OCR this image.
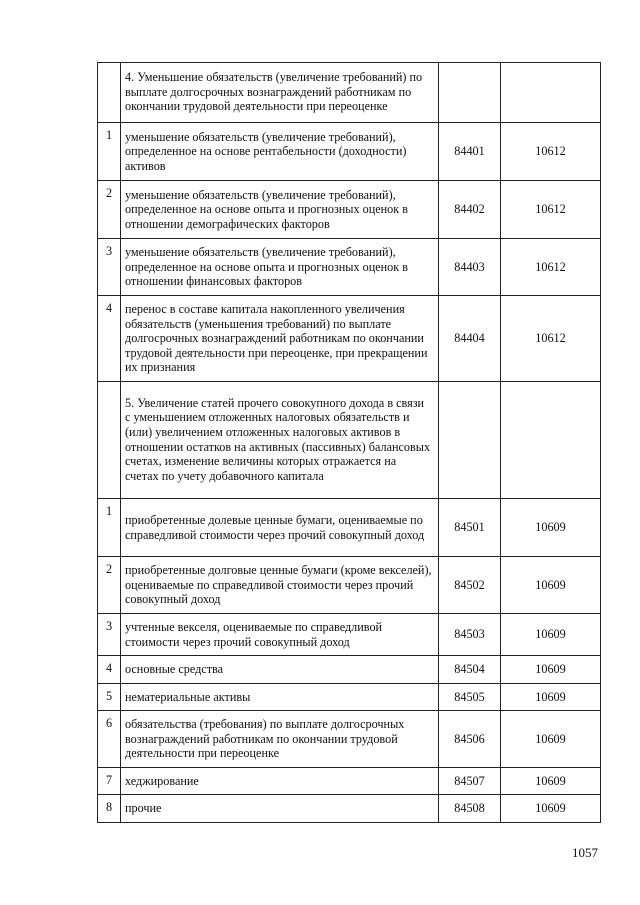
	4. Уменьшение обязательств (увеличение требований) по выплате долгосрочных вознаграждений работникам по окончании трудовой деятельности при переоценке		
1	уменьшение обязательств (увеличение требований), определенное на основе рентабельности (доходности) активов	84401	10612
2	уменьшение обязательств (увеличение требований), определенное на основе опыта и прогнозных оценок в отношении демографических факторов	84402	10612
3	уменьшение обязательств (увеличение требований), определенное на основе опыта и прогнозных оценок в отношении финансовых факторов	84403	10612
4	перенос в составе капитала накопленного увеличения обязательств (уменьшения требований) по выплате долгосрочных вознаграждений работникам по окончании трудовой деятельности при переоценке, при прекращении их признания	84404	10612
	5. Увеличение статей прочего совокупного дохода в связи с уменьшением отложенных налоговых обязательств и (или) увеличением отложенных налоговых активов в отношении остатков на активных (пассивных) балансовых счетах, изменение величины которых отражается на счетах по учету добавочного капитала		
1	приобретенные долевые ценные бумаги, оцениваемые по справедливой стоимости через прочий совокупный доход	84501	10609
2	приобретенные долговые ценные бумаги (кроме векселей), оцениваемые по справедливой стоимости через прочий совокупный доход	84502	10609
3	учтенные векселя, оцениваемые по справедливой стоимости через прочий совокупный доход	84503	10609
4	основные средства	84504	10609
5	нематериальные активы	84505	10609
6	обязательства (требования) по выплате долгосрочных вознаграждений работникам по окончании трудовой деятельности при переоценке	84506	10609
7	хеджирование	84507	10609
8	прочие	84508	10609
1057
